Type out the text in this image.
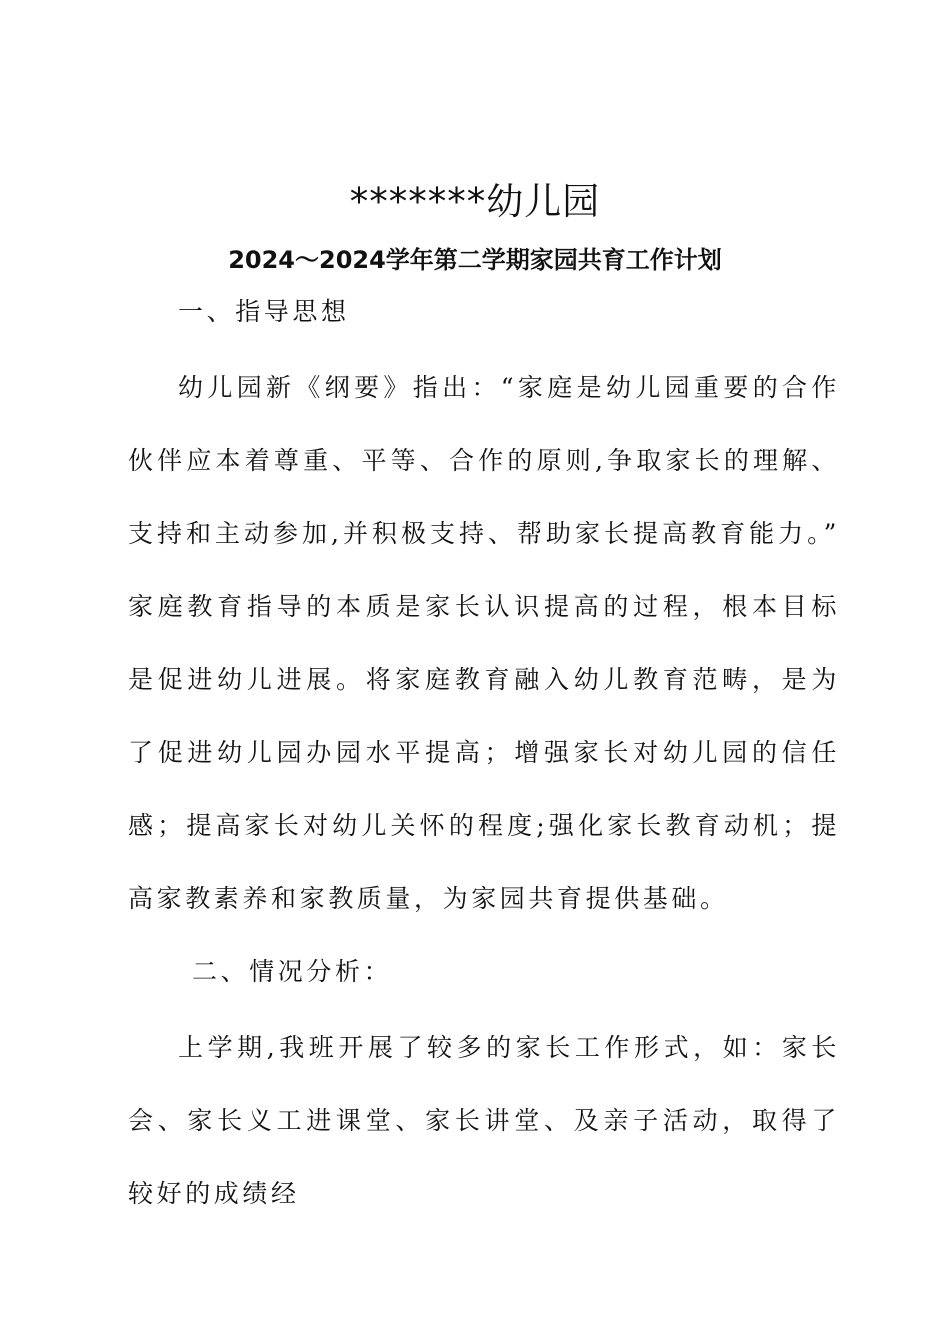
*******幼儿园
2024～2024学年第二学期家园共育工作计划

一、指导思想

幼儿园新《纲要》指出：“家庭是幼儿园重要的合作伙伴应本着尊重、平等、合作的原则,争取家长的理解、支持和主动参加,并积极支持、帮助家长提高教育能力。” 家庭教育指导的本质是家长认识提高的过程，根本目标是促进幼儿进展。将家庭教育融入幼儿教育范畴，是为了促进幼儿园办园水平提高；增强家长对幼儿园的信任感；提高家长对幼儿关怀的程度;强化家长教育动机；提高家教素养和家教质量，为家园共育提供基础。

二、情况分析：

上学期,我班开展了较多的家长工作形式，如：家长会、家长义工进课堂、家长讲堂、及亲子活动，取得了较好的成绩经
